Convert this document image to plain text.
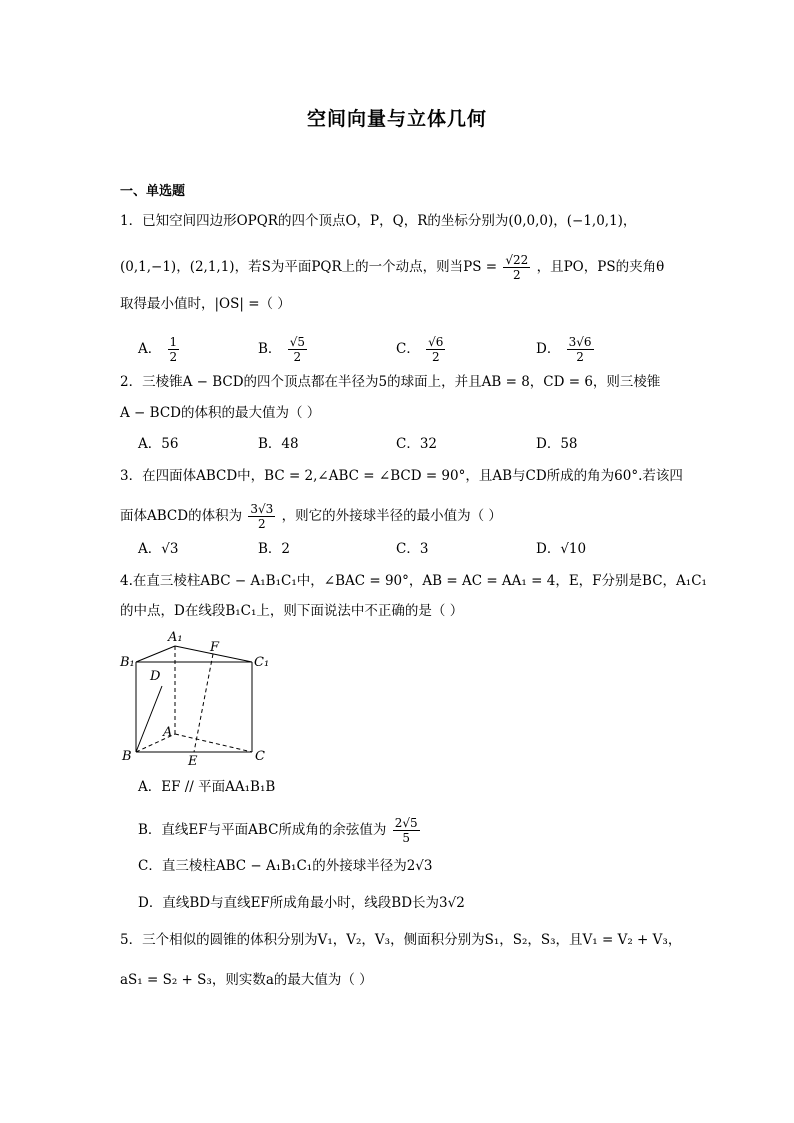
空间向量与立体几何
一、单选题
1．已知空间四边形OPQR的四个顶点O，P，Q，R的坐标分别为(0,0,0)，(−1,0,1)，
(0,1,−1)，(2,1,1)，若S为平面PQR上的一个动点，则当PS = $\frac{√22}{2}$ ，且PO，PS的夹角θ
取得最小值时，|OS| =（ ）
A． $\frac{1}{2}$	B． $\frac{√5}{2}$	C． $\frac{√6}{2}$	D． $\frac{3√6}{2}$
2．三棱锥A − BCD的四个顶点都在半径为5的球面上，并且AB = 8，CD = 6，则三棱锥
A − BCD的体积的最大值为（ ）
A．56	B．48	C．32	D．58
3．在四面体ABCD中，BC = 2,∠ABC = ∠BCD = 90°，且AB与CD所成的角为60°.若该四
面体ABCD的体积为 $\frac{3√3}{2}$ ，则它的外接球半径的最小值为（ ）
A．√3	B．2	C．3	D．√10
4.在直三棱柱ABC − A₁B₁C₁中，∠BAC = 90°，AB = AC = AA₁ = 4，E，F分别是BC，A₁C₁
的中点，D在线段B₁C₁上，则下面说法中不正确的是（ ）
A₁
B₁	C₁
F
D
A
B	E	C
A．EF // 平面AA₁B₁B
B．直线EF与平面ABC所成角的余弦值为 $\frac{2√5}{5}$
C．直三棱柱ABC − A₁B₁C₁的外接球半径为2√3
D．直线BD与直线EF所成角最小时，线段BD长为3√2
5．三个相似的圆锥的体积分别为V₁，V₂，V₃，侧面积分别为S₁，S₂，S₃，且V₁ = V₂ + V₃，
aS₁ = S₂ + S₃，则实数a的最大值为（ ）
